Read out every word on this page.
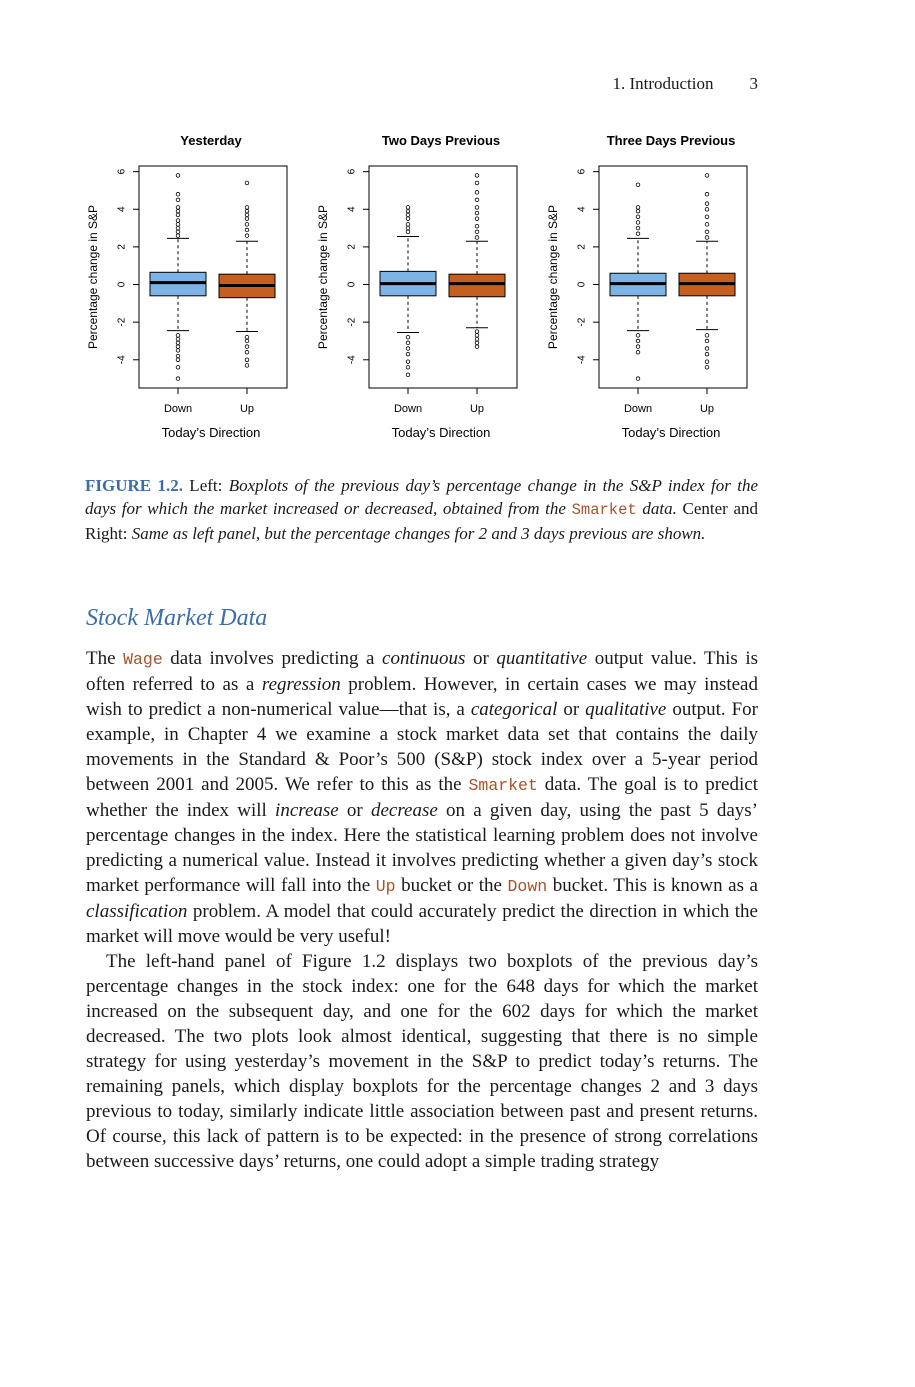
1. Introduction 3
Yesterday
-4
-2
0
2
4
6
Percentage change in S&P
Down	Up
Today’s Direction
Two Days Previous
-4
-2
0
2
4
6
Percentage change in S&P
Down	Up
Today’s Direction
Three Days Previous
-4
-2
0
2
4
6
Percentage change in S&P
Down	Up
Today’s Direction
FIGURE 1.2. Left: Boxplots of the previous day’s percentage change in the S&P index for the days for which the market increased or decreased, obtained from the Smarket data. Center and Right: Same as left panel, but the percentage changes for 2 and 3 days previous are shown.
Stock Market Data

The Wage data involves predicting a continuous or quantitative output value. This is often referred to as a regression problem. However, in certain cases we may instead wish to predict a non-numerical value—that is, a categorical or qualitative output. For example, in Chapter 4 we examine a stock market data set that contains the daily movements in the Standard & Poor’s 500 (S&P) stock index over a 5-year period between 2001 and 2005. We refer to this as the Smarket data. The goal is to predict whether the index will increase or decrease on a given day, using the past 5 days’ percentage changes in the index. Here the statistical learning problem does not involve predicting a numerical value. Instead it involves predicting whether a given day’s stock market performance will fall into the Up bucket or the Down bucket. This is known as a classification problem. A model that could accurately predict the direction in which the market will move would be very useful!

The left-hand panel of Figure 1.2 displays two boxplots of the previous day’s percentage changes in the stock index: one for the 648 days for which the market increased on the subsequent day, and one for the 602 days for which the market decreased. The two plots look almost identical, suggesting that there is no simple strategy for using yesterday’s movement in the S&P to predict today’s returns. The remaining panels, which display boxplots for the percentage changes 2 and 3 days previous to today, similarly indicate little association between past and present returns. Of course, this lack of pattern is to be expected: in the presence of strong correlations between successive days’ returns, one could adopt a simple trading strategy
